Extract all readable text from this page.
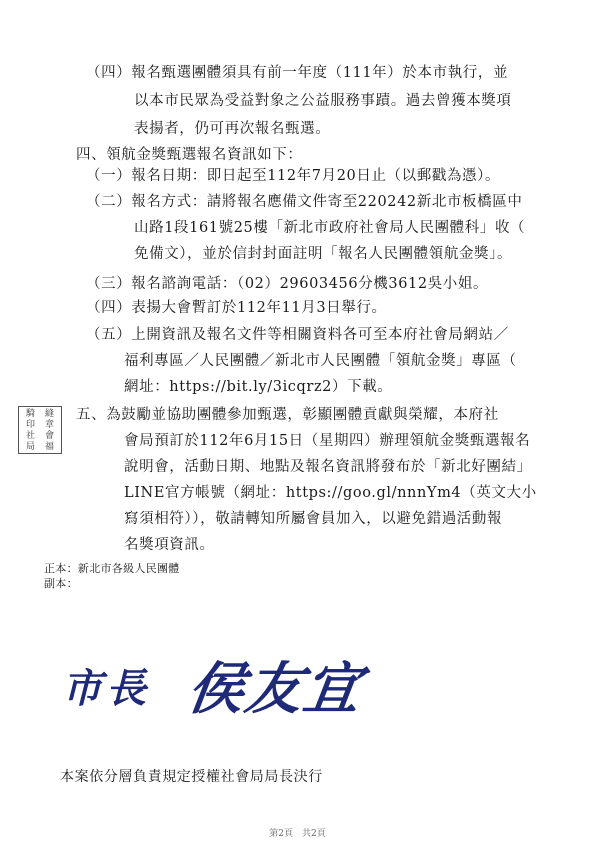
（四）報名甄選團體須具有前一年度（111年）於本市執行，並
以本市民眾為受益對象之公益服務事蹟。過去曾獲本獎項
表揚者，仍可再次報名甄選。
四、領航金獎甄選報名資訊如下：
（一）報名日期：即日起至112年7月20日止（以郵戳為憑）。
（二）報名方式：請將報名應備文件寄至220242新北市板橋區中
山路1段161號25樓「新北市政府社會局人民團體科」收（
免備文），並於信封封面註明「報名人民團體領航金獎」。
（三）報名諮詢電話：（02）29603456分機3612吳小姐。
（四）表揚大會暫訂於112年11月3日舉行。
（五）上開資訊及報名文件等相關資料各可至本府社會局網站／
福利專區／人民團體／新北市人民團體「領航金獎」專區（
網址：https://bit.ly/3icqrz2）下載。
五、為鼓勵並協助團體參加甄選，彰顯團體貢獻與榮耀，本府社
會局預訂於112年6月15日（星期四）辦理領航金獎甄選報名
說明會，活動日期、地點及報名資訊將發布於「新北好團結」
LINE官方帳號（網址：https://goo.gl/nnnYm4（英文大小
寫須相符）），敬請轉知所屬會員加入，以避免錯過活動報
名獎項資訊。
騎	縫
印	章
社	會
局	福
正本：新北市各級人民團體
副本：
市長 侯友宜
本案依分層負責規定授權社會局局長決行
第2頁　共2頁
